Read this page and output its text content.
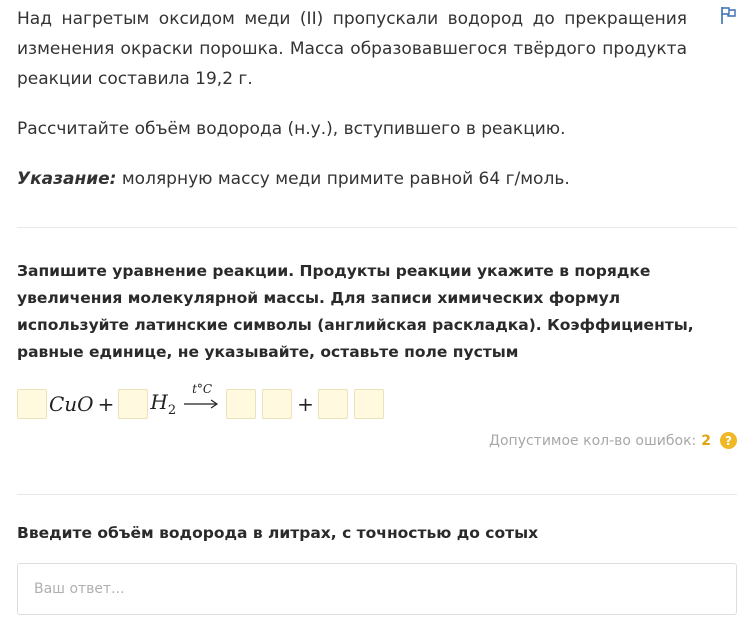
Над нагретым оксидом меди (II) пропускали водород до прекращения изменения окраски порошка. Масса образовавшегося твёрдого продукта реакции составила 19,2 г.

Рассчитайте объём водорода (н.у.), вступившего в реакцию.

Указание: молярную массу меди примите равной 64 г/моль.

Запишите уравнение реакции. Продукты реакции укажите в порядке увеличения молекулярной массы. Для записи химических формул используйте латинские символы (английская раскладка). Коэффициенты, равные единице, не указывайте, оставьте поле пустым
CuO + $H_2$
t°C
+
Допустимое кол-во ошибок: 2	?
Введите объём водорода в литрах, с точностью до сотых
Ваш ответ...
